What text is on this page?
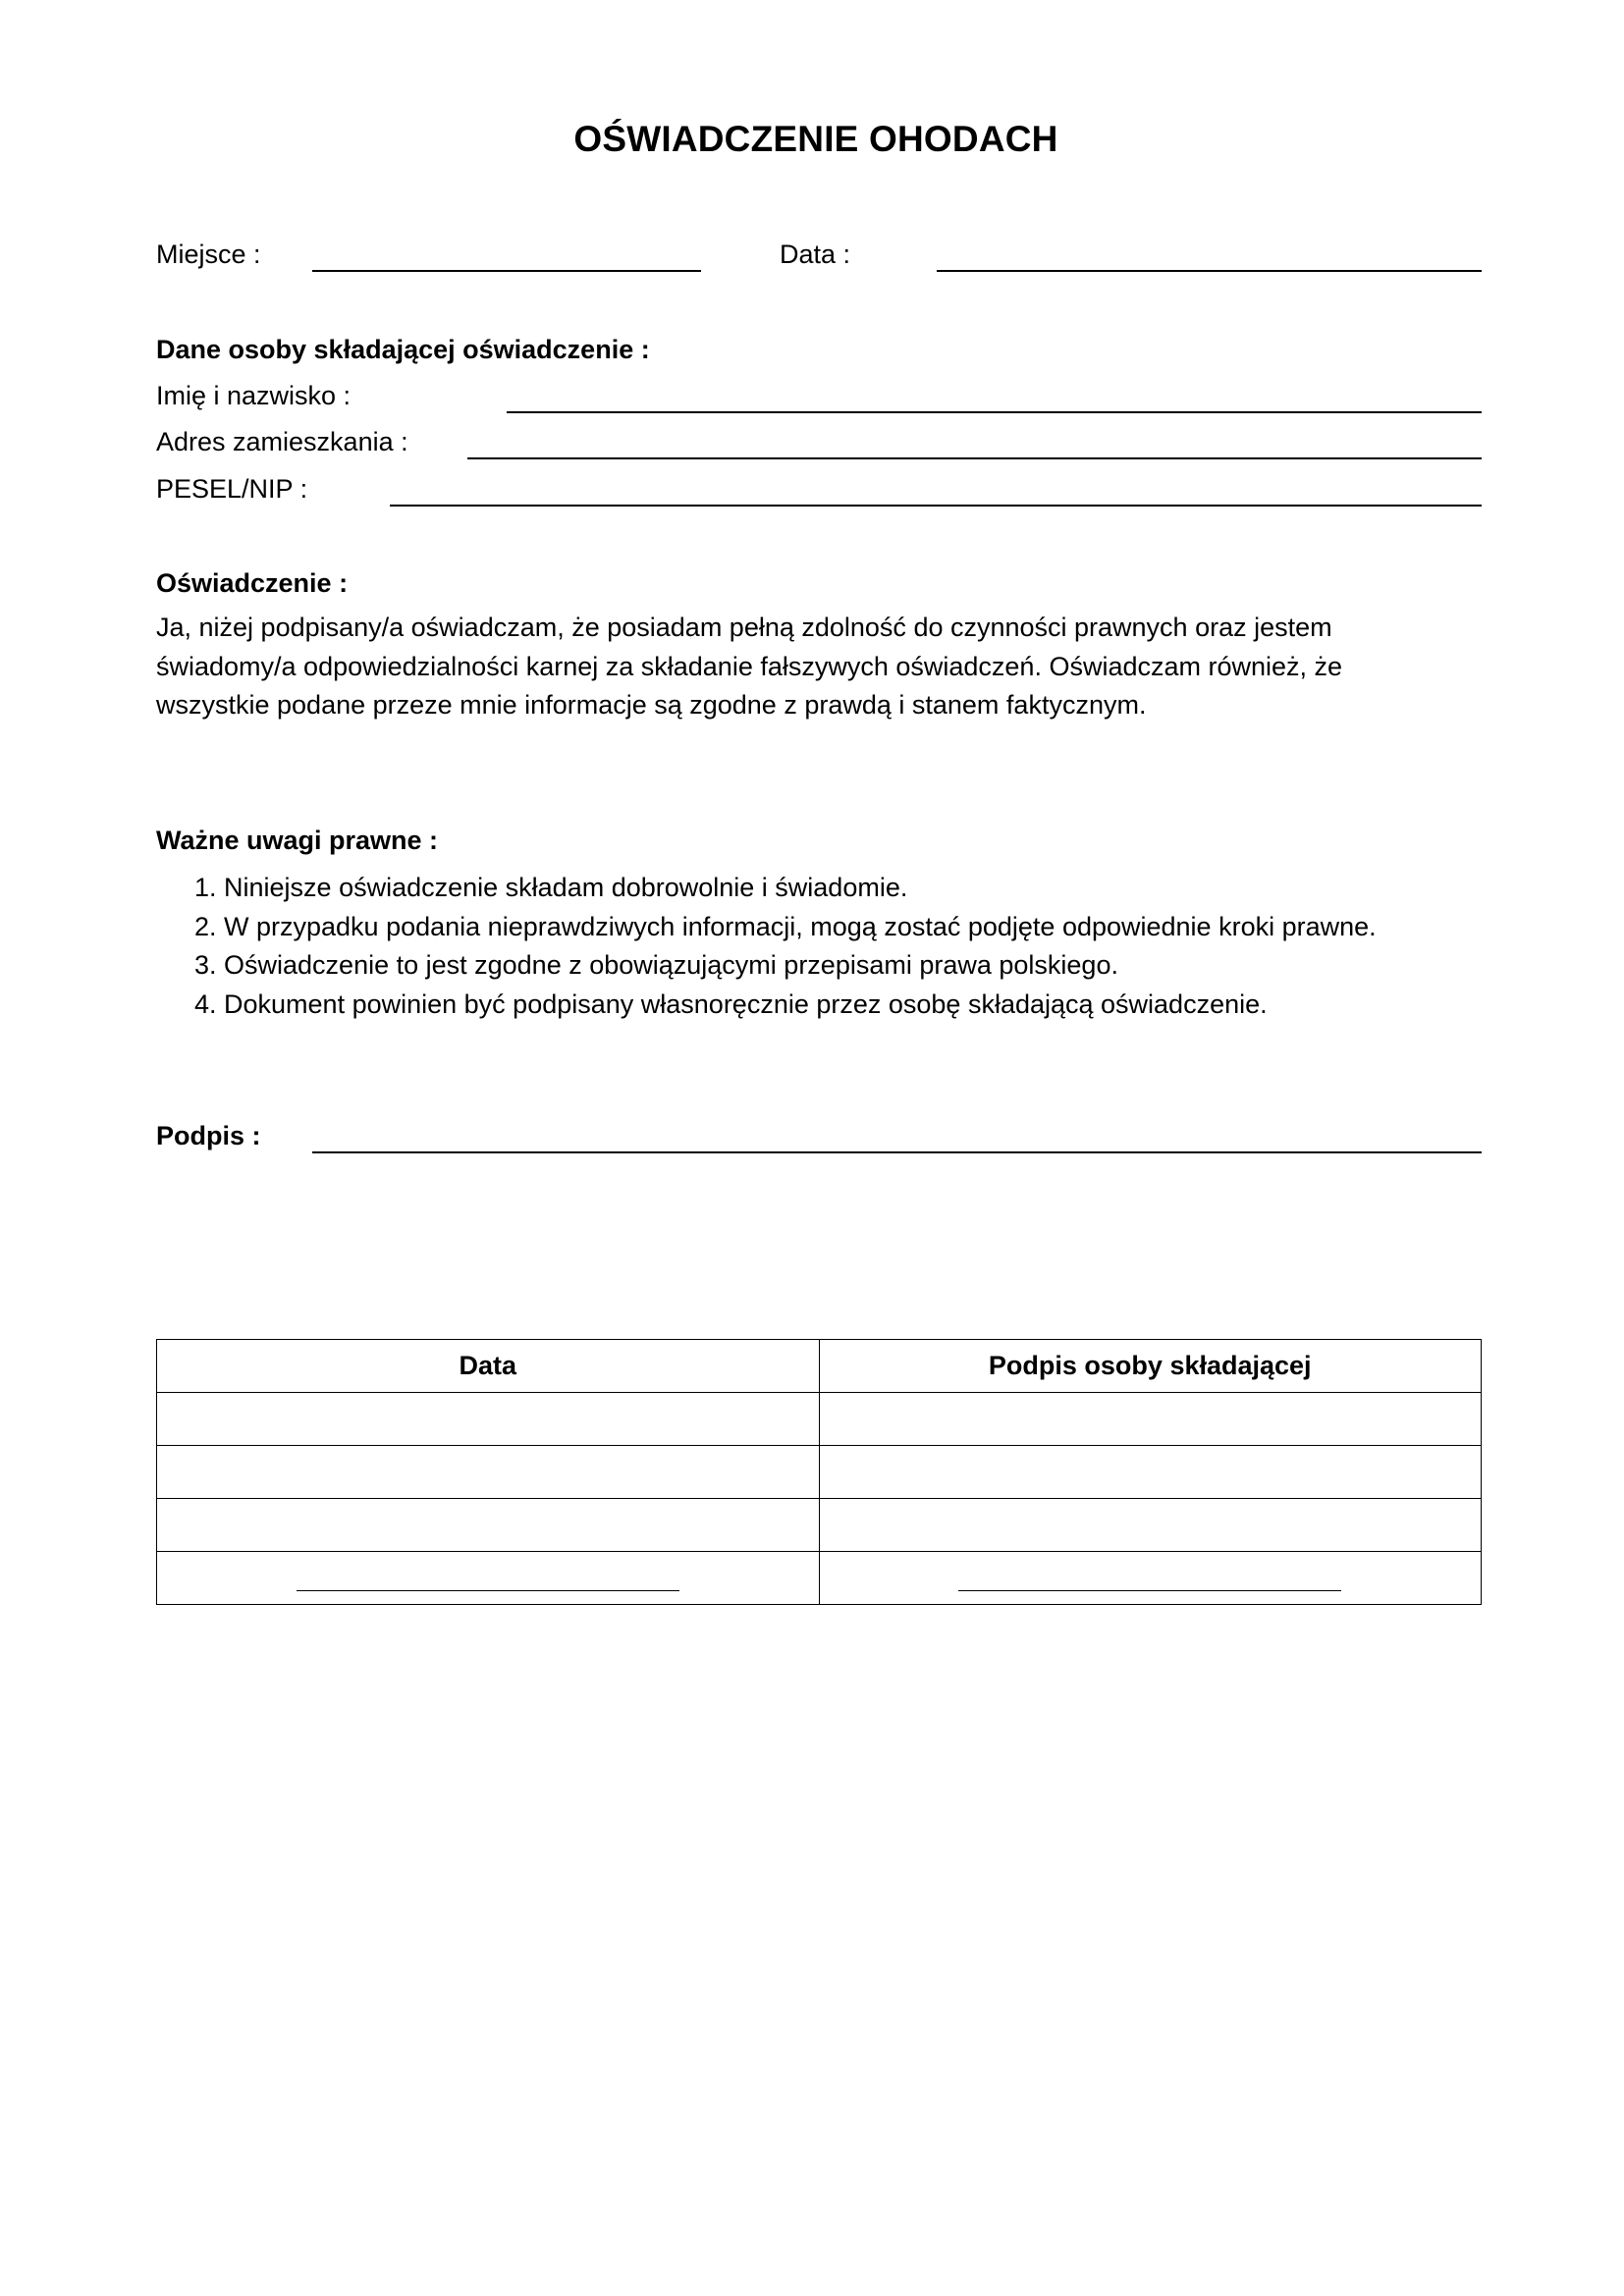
OŚWIADCZENIE OHODACH
Miejsce :	Data :
Dane osoby składającej oświadczenie :
Imię i nazwisko :
Adres zamieszkania :
PESEL/NIP :
Oświadczenie :
Ja, niżej podpisany/a oświadczam, że posiadam pełną zdolność do czynności prawnych oraz jestem
świadomy/a odpowiedzialności karnej za składanie fałszywych oświadczeń. Oświadczam również, że
wszystkie podane przeze mnie informacje są zgodne z prawdą i stanem faktycznym.
Ważne uwagi prawne :
1. Niniejsze oświadczenie składam dobrowolnie i świadomie.
2. W przypadku podania nieprawdziwych informacji, mogą zostać podjęte odpowiednie kroki prawne.
3. Oświadczenie to jest zgodne z obowiązującymi przepisami prawa polskiego.
4. Dokument powinien być podpisany własnoręcznie przez osobę składającą oświadczenie.
Podpis :
Data	Podpis osoby składającej
